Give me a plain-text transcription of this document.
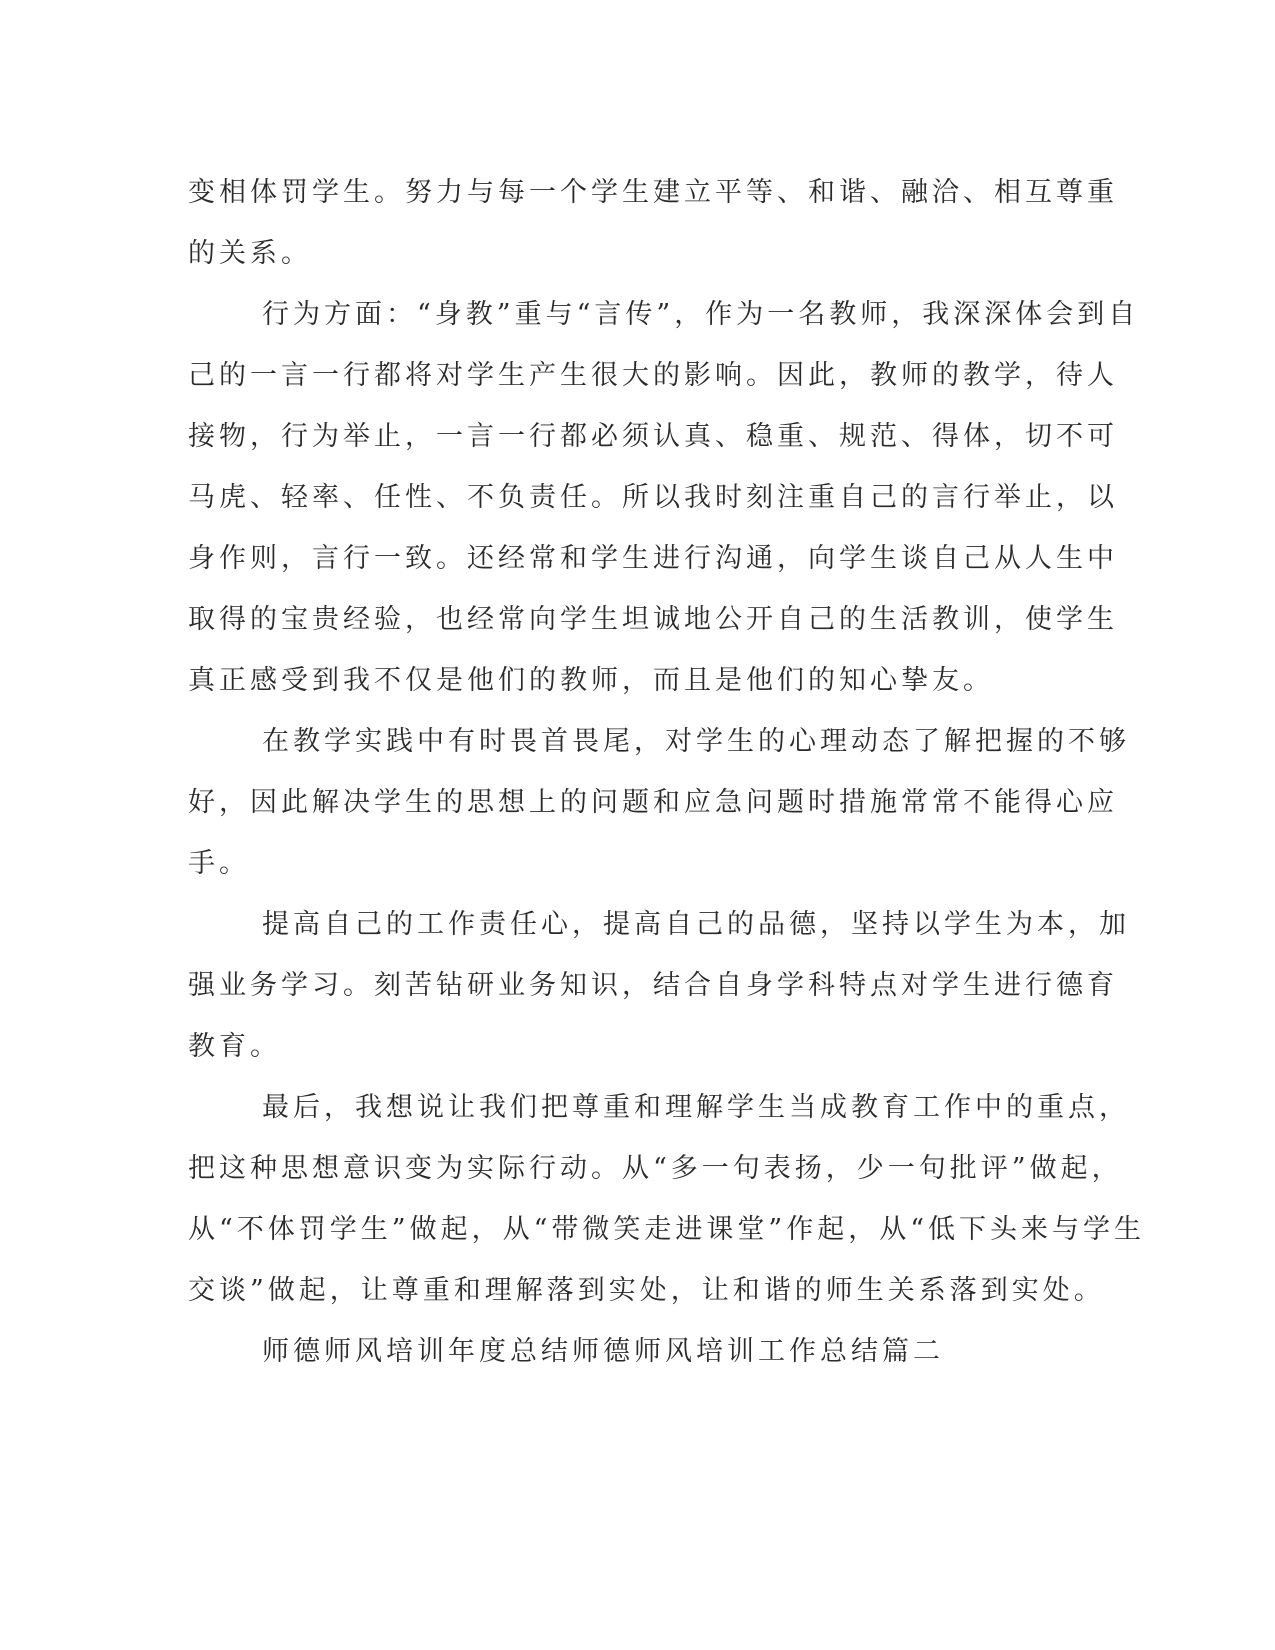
变相体罚学生。努力与每一个学生建立平等、和谐、融洽、相互尊重
的关系。
行为方面：“身教”重与“言传”，作为一名教师，我深深体会到自
己的一言一行都将对学生产生很大的影响。因此，教师的教学，待人
接物，行为举止，一言一行都必须认真、稳重、规范、得体，切不可
马虎、轻率、任性、不负责任。所以我时刻注重自己的言行举止，以
身作则，言行一致。还经常和学生进行沟通，向学生谈自己从人生中
取得的宝贵经验，也经常向学生坦诚地公开自己的生活教训，使学生
真正感受到我不仅是他们的教师，而且是他们的知心挚友。
在教学实践中有时畏首畏尾，对学生的心理动态了解把握的不够
好，因此解决学生的思想上的问题和应急问题时措施常常不能得心应
手。
提高自己的工作责任心，提高自己的品德，坚持以学生为本，加
强业务学习。刻苦钻研业务知识，结合自身学科特点对学生进行德育
教育。
最后，我想说让我们把尊重和理解学生当成教育工作中的重点，
把这种思想意识变为实际行动。从“多一句表扬，少一句批评”做起，
从“不体罚学生”做起，从“带微笑走进课堂”作起，从“低下头来与学生
交谈”做起，让尊重和理解落到实处，让和谐的师生关系落到实处。
师德师风培训年度总结师德师风培训工作总结篇二
